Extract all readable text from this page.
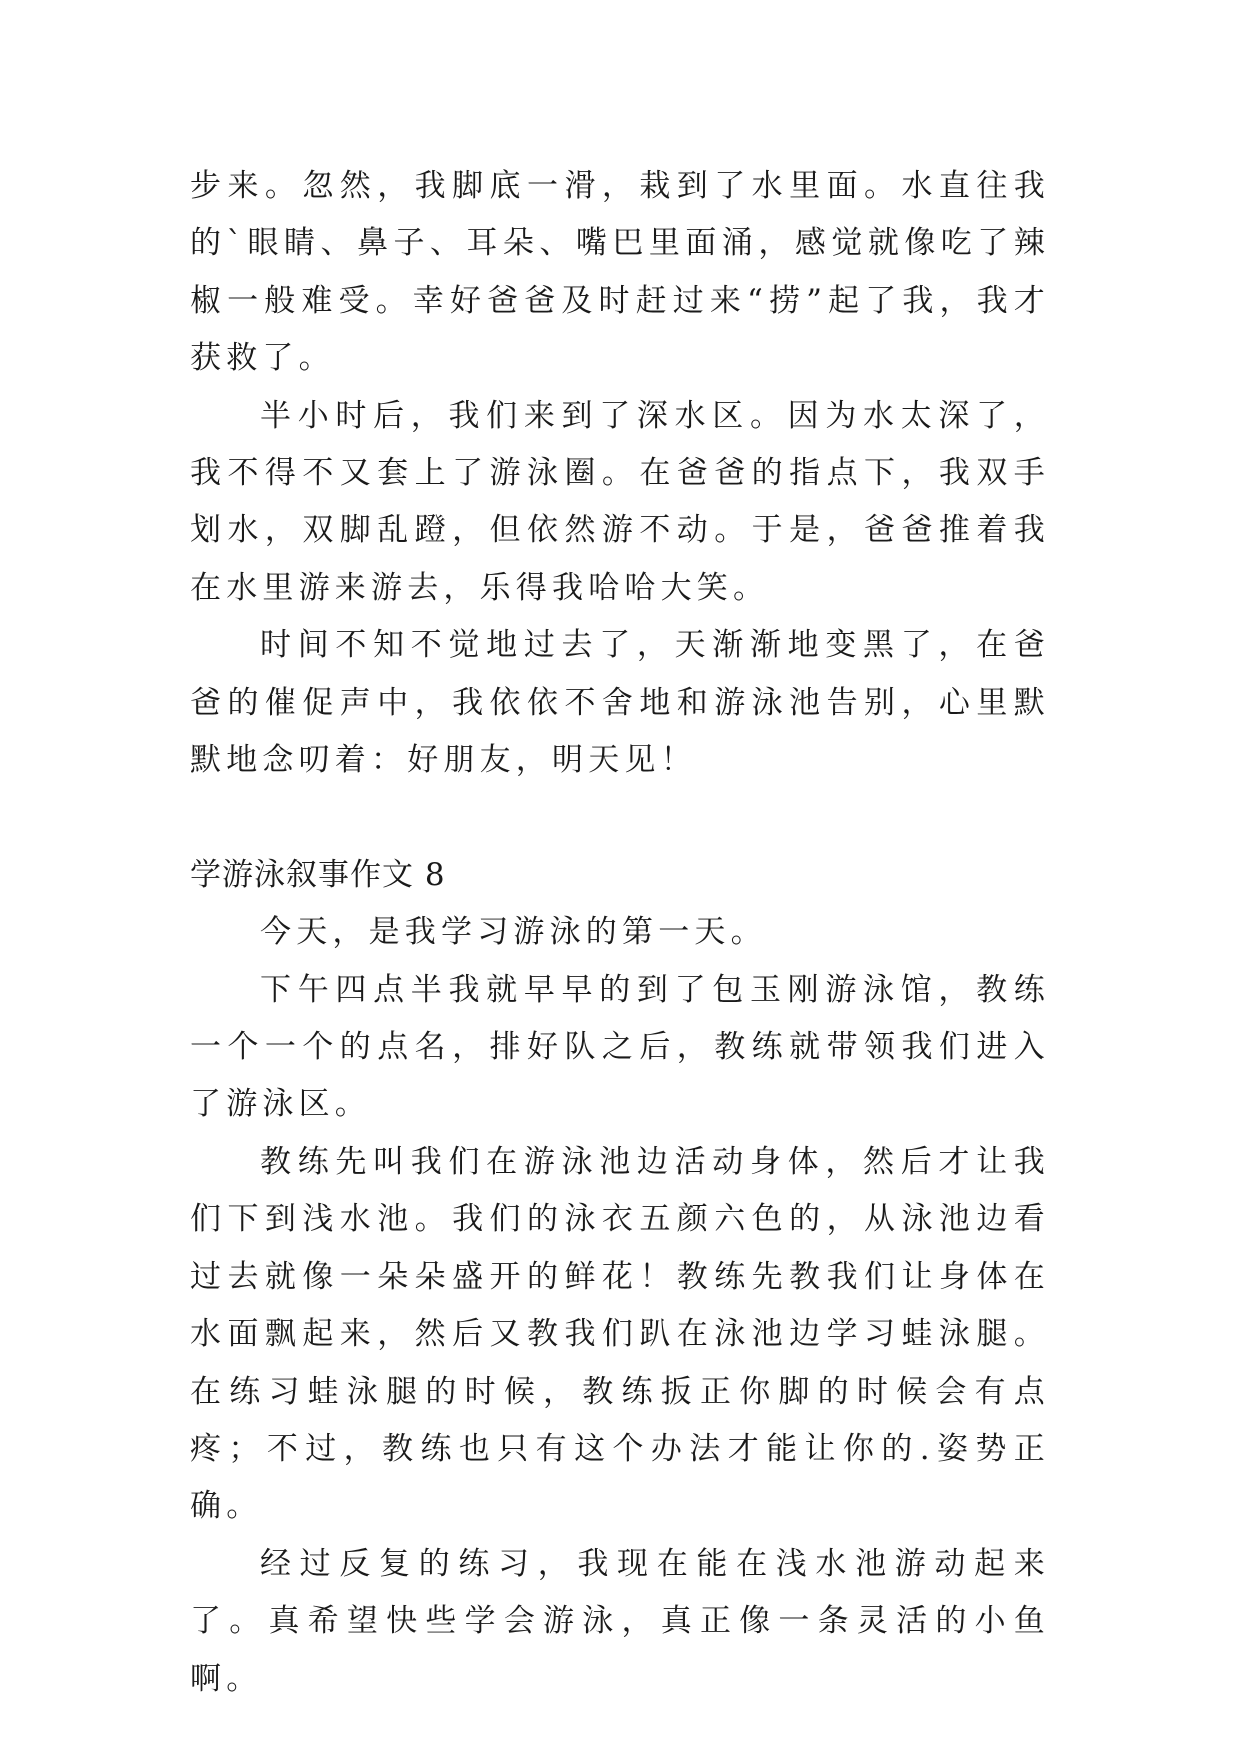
步来。忽然，我脚底一滑，栽到了水里面。水直往我的`眼睛、鼻子、耳朵、嘴巴里面涌，感觉就像吃了辣椒一般难受。幸好爸爸及时赶过来“捞”起了我，我才获救了。

半小时后，我们来到了深水区。因为水太深了，我不得不又套上了游泳圈。在爸爸的指点下，我双手划水，双脚乱蹬，但依然游不动。于是，爸爸推着我在水里游来游去，乐得我哈哈大笑。

时间不知不觉地过去了，天渐渐地变黑了，在爸爸的催促声中，我依依不舍地和游泳池告别，心里默默地念叨着：好朋友，明天见！

学游泳叙事作文 8

今天，是我学习游泳的第一天。

下午四点半我就早早的到了包玉刚游泳馆，教练一个一个的点名，排好队之后，教练就带领我们进入了游泳区。

教练先叫我们在游泳池边活动身体，然后才让我们下到浅水池。我们的泳衣五颜六色的，从泳池边看过去就像一朵朵盛开的鲜花！教练先教我们让身体在水面飘起来，然后又教我们趴在泳池边学习蛙泳腿。在练习蛙泳腿的时候，教练扳正你脚的时候会有点疼；不过，教练也只有这个办法才能让你的.姿势正确。

经过反复的练习，我现在能在浅水池游动起来了。真希望快些学会游泳，真正像一条灵活的小鱼啊。
